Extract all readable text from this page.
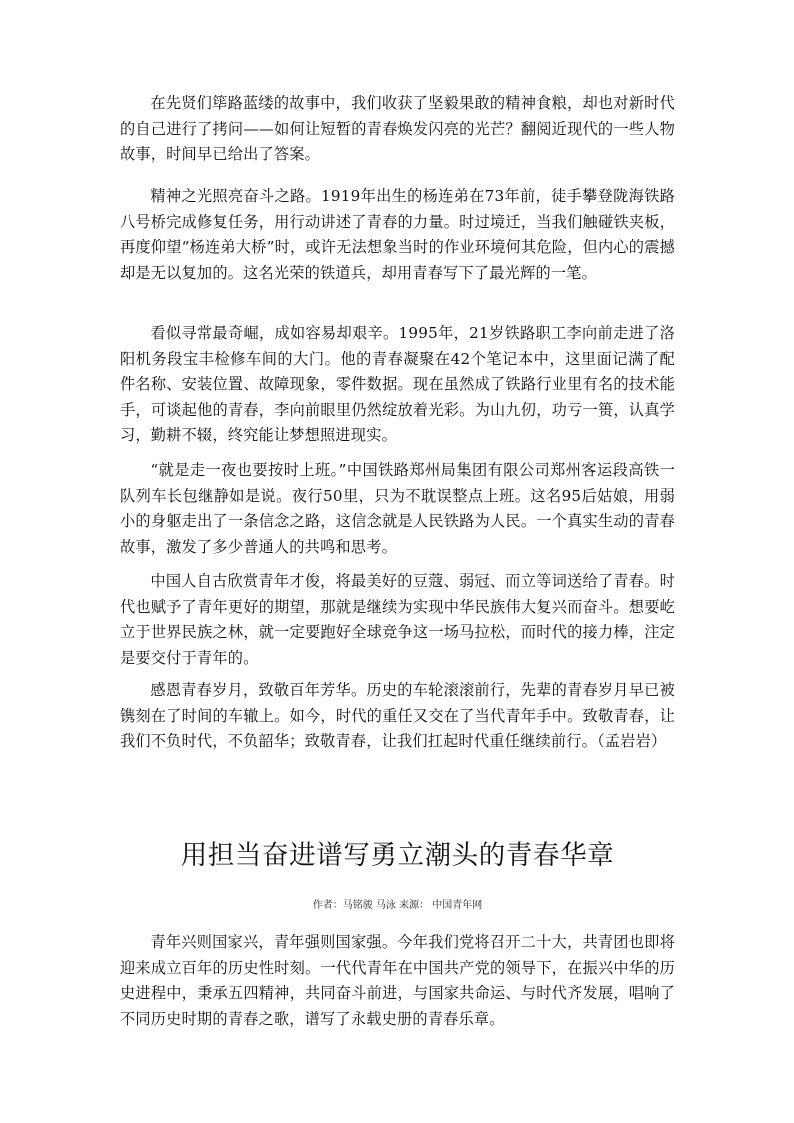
在先贤们筚路蓝缕的故事中，我们收获了坚毅果敢的精神食粮，却也对新时代的自己进行了拷问——如何让短暂的青春焕发闪亮的光芒？翻阅近现代的一些人物故事，时间早已给出了答案。

精神之光照亮奋斗之路。1919年出生的杨连弟在73年前，徒手攀登陇海铁路八号桥完成修复任务，用行动讲述了青春的力量。时过境迁，当我们触碰铁夹板，再度仰望“杨连弟大桥”时，或许无法想象当时的作业环境何其危险，但内心的震撼却是无以复加的。这名光荣的铁道兵，却用青春写下了最光辉的一笔。

看似寻常最奇崛，成如容易却艰辛。1995年，21岁铁路职工李向前走进了洛阳机务段宝丰检修车间的大门。他的青春凝聚在42个笔记本中，这里面记满了配件名称、安装位置、故障现象，零件数据。现在虽然成了铁路行业里有名的技术能手，可谈起他的青春，李向前眼里仍然绽放着光彩。为山九仞，功亏一篑，认真学习，勤耕不辍，终究能让梦想照进现实。

“就是走一夜也要按时上班。”中国铁路郑州局集团有限公司郑州客运段高铁一队列车长包继静如是说。夜行50里，只为不耽误整点上班。这名95后姑娘，用弱小的身躯走出了一条信念之路，这信念就是人民铁路为人民。一个真实生动的青春故事，激发了多少普通人的共鸣和思考。

中国人自古欣赏青年才俊，将最美好的豆蔻、弱冠、而立等词送给了青春。时代也赋予了青年更好的期望，那就是继续为实现中华民族伟大复兴而奋斗。想要屹立于世界民族之林，就一定要跑好全球竞争这一场马拉松，而时代的接力棒，注定是要交付于青年的。

感恩青春岁月，致敬百年芳华。历史的车轮滚滚前行，先辈的青春岁月早已被镌刻在了时间的车辙上。如今，时代的重任又交在了当代青年手中。致敬青春，让我们不负时代，不负韶华；致敬青春，让我们扛起时代重任继续前行。（孟岩岩）

用担当奋进谱写勇立潮头的青春华章

作者：马铭骏 马泳 来源： 中国青年网

青年兴则国家兴，青年强则国家强。今年我们党将召开二十大，共青团也即将迎来成立百年的历史性时刻。一代代青年在中国共产党的领导下，在振兴中华的历史进程中，秉承五四精神，共同奋斗前进，与国家共命运、与时代齐发展，唱响了不同历史时期的青春之歌，谱写了永载史册的青春乐章。
